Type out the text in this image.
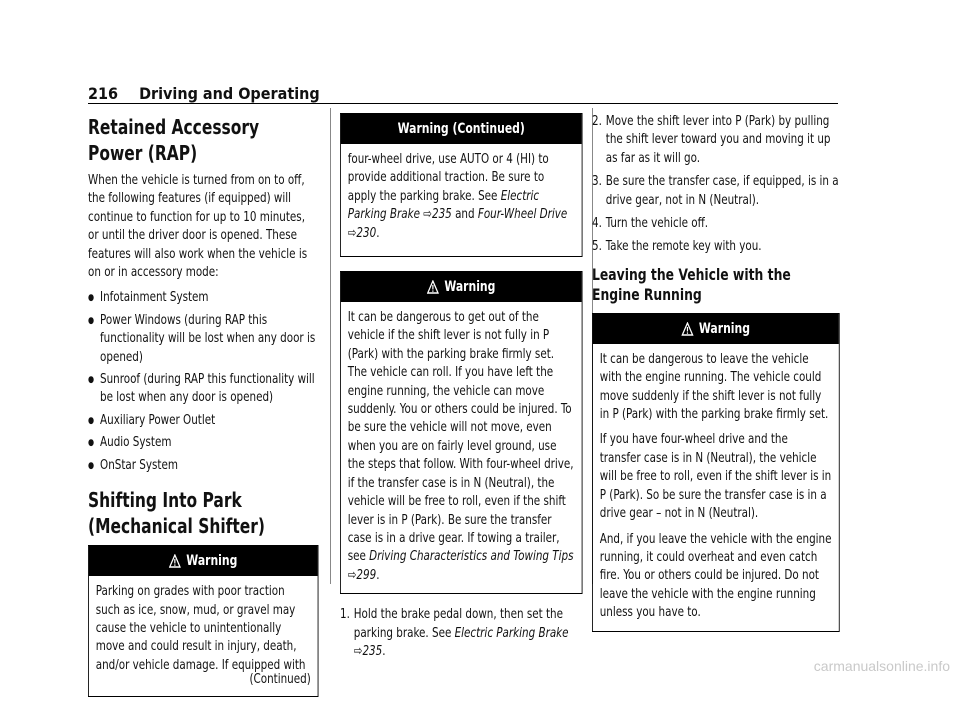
216 Driving and Operating
Retained Accessory Power (RAP)

When the vehicle is turned from on to off, the following features (if equipped) will continue to function for up to 10 minutes, or until the driver door is opened. These features will also work when the vehicle is on or in accessory mode:

● Infotainment System
● Power Windows (during RAP this functionality will be lost when any door is opened)
● Sunroof (during RAP this functionality will be lost when any door is opened)
● Auxiliary Power Outlet
● Audio System
● OnStar System
Shifting Into Park (Mechanical Shifter)
Warning

Parking on grades with poor traction such as ice, snow, mud, or gravel may cause the vehicle to unintentionally move and could result in injury, death, and/or vehicle damage. If equipped with

(Continued)
Warning (Continued)

four-wheel drive, use AUTO or 4 (HI) to provide additional traction. Be sure to apply the parking brake. See Electric Parking Brake ⇨235 and Four-Wheel Drive ⇨230.

Warning

It can be dangerous to get out of the vehicle if the shift lever is not fully in P (Park) with the parking brake firmly set. The vehicle can roll. If you have left the engine running, the vehicle can move suddenly. You or others could be injured. To be sure the vehicle will not move, even when you are on fairly level ground, use the steps that follow. With four-wheel drive, if the transfer case is in N (Neutral), the vehicle will be free to roll, even if the shift lever is in P (Park). Be sure the transfer case is in a drive gear. If towing a trailer, see Driving Characteristics and Towing Tips ⇨299.

1. Hold the brake pedal down, then set the parking brake. See Electric Parking Brake ⇨235.
2. Move the shift lever into P (Park) by pulling the shift lever toward you and moving it up as far as it will go.
3. Be sure the transfer case, if equipped, is in a drive gear, not in N (Neutral).
4. Turn the vehicle off.
5. Take the remote key with you.
Leaving the Vehicle with the Engine Running
Warning

It can be dangerous to leave the vehicle with the engine running. The vehicle could move suddenly if the shift lever is not fully in P (Park) with the parking brake firmly set.

If you have four-wheel drive and the transfer case is in N (Neutral), the vehicle will be free to roll, even if the shift lever is in P (Park). So be sure the transfer case is in a drive gear – not in N (Neutral).

And, if you leave the vehicle with the engine running, it could overheat and even catch fire. You or others could be injured. Do not leave the vehicle with the engine running unless you have to.

carmanualsonline.info
